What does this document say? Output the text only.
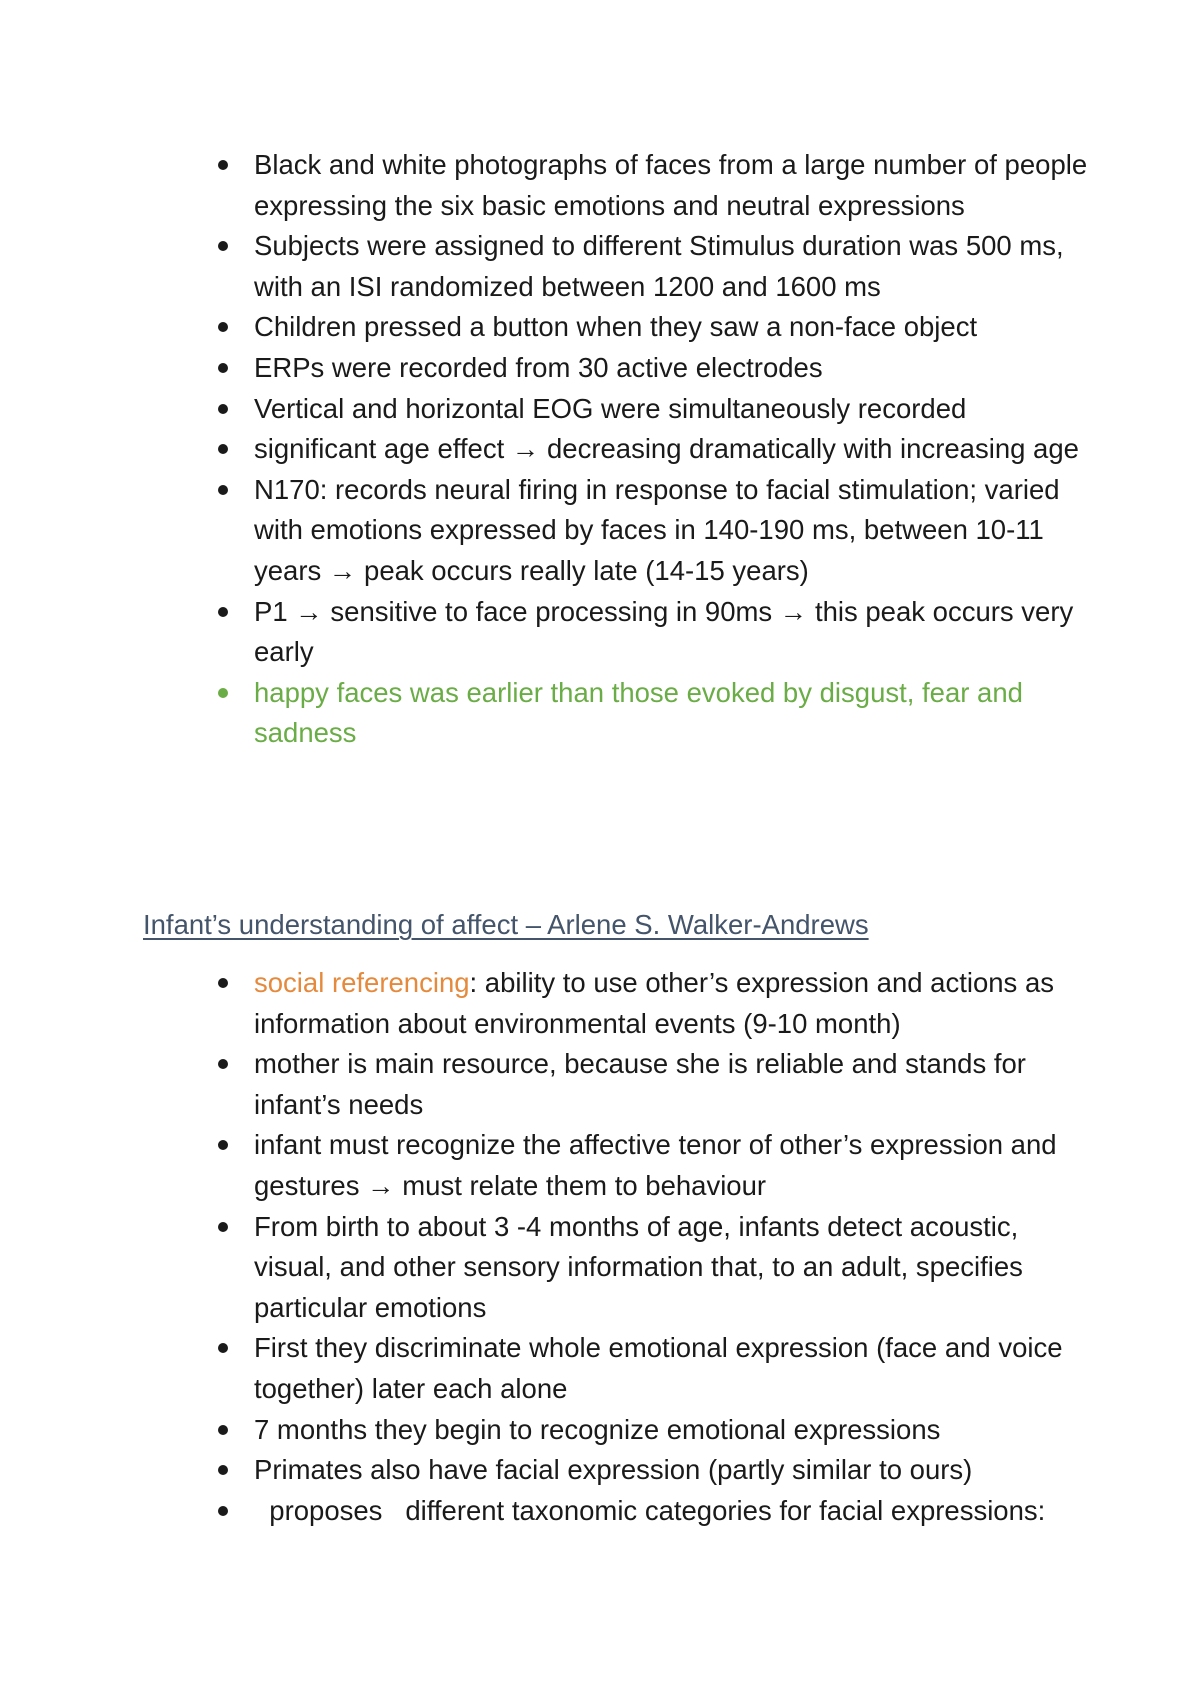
Black and white photographs of faces from a large number of people expressing the six basic emotions and neutral expressions
Subjects were assigned to different Stimulus duration was 500 ms, with an ISI randomized between 1200 and 1600 ms
Children pressed a button when they saw a non-face object
ERPs were recorded from 30 active electrodes
Vertical and horizontal EOG were simultaneously recorded
significant age effect → decreasing dramatically with increasing age
N170: records neural firing in response to facial stimulation; varied with emotions expressed by faces in 140-190 ms, between 10-11 years → peak occurs really late (14-15 years)
P1 → sensitive to face processing in 90ms → this peak occurs very early
happy faces was earlier than those evoked by disgust, fear and sadness
Infant’s understanding of affect – Arlene S. Walker-Andrews
social referencing: ability to use other’s expression and actions as information about environmental events (9-10 month)
mother is main resource, because she is reliable and stands for infant’s needs
infant must recognize the affective tenor of other’s expression and gestures → must relate them to behaviour
From birth to about 3 -4 months of age, infants detect acoustic, visual, and other sensory information that, to an adult, specifies particular emotions
First they discriminate whole emotional expression (face and voice together) later each alone
7 months they begin to recognize emotional expressions
Primates also have facial expression (partly similar to ours)
proposes   different taxonomic categories for facial expressions:
